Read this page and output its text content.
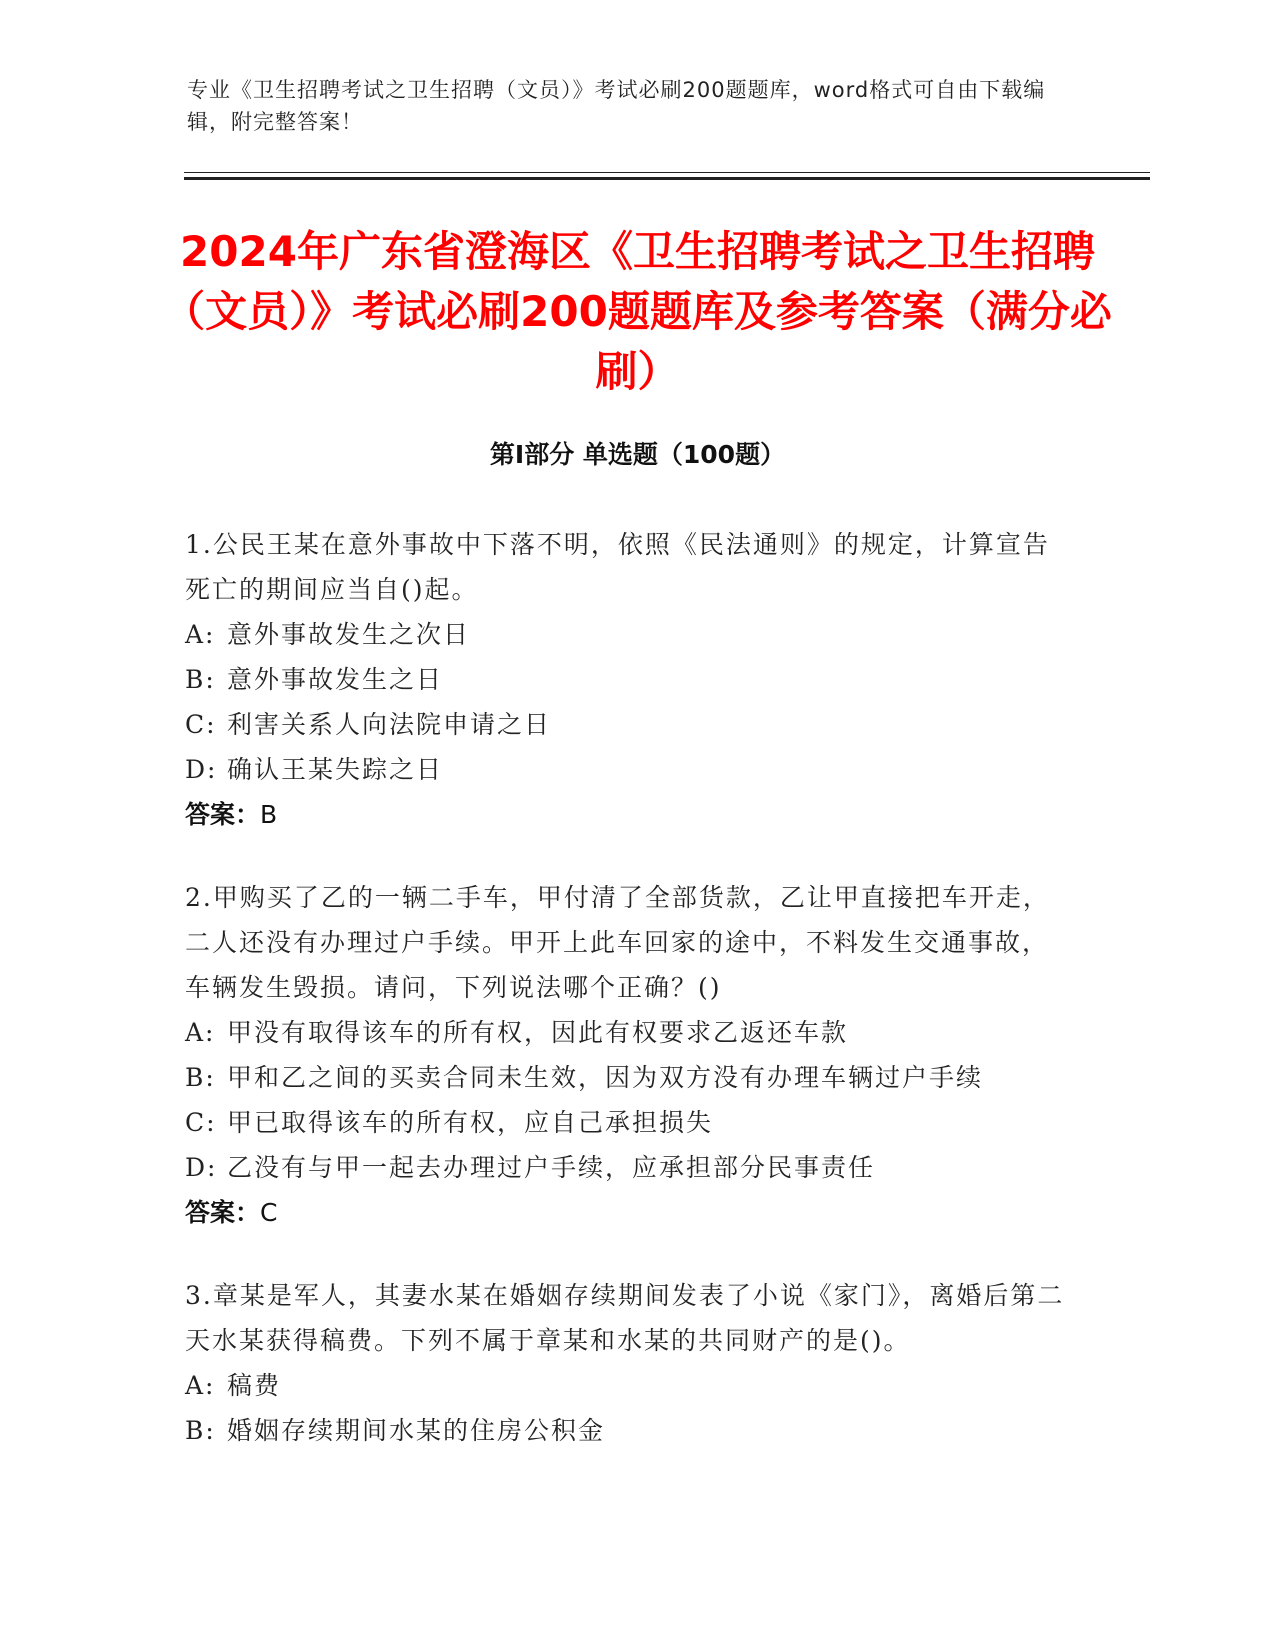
专业《卫生招聘考试之卫生招聘（文员）》考试必刷200题题库，word格式可自由下载编辑，附完整答案！
2024年广东省澄海区《卫生招聘考试之卫生招聘（文员）》考试必刷200题题库及参考答案（满分必刷）
第Ⅰ部分 单选题（100题）
1.公民王某在意外事故中下落不明，依照《民法通则》的规定，计算宣告死亡的期间应当自()起。
A: 意外事故发生之次日
B: 意外事故发生之日
C: 利害关系人向法院申请之日
D: 确认王某失踪之日
答案：B
2.甲购买了乙的一辆二手车，甲付清了全部货款，乙让甲直接把车开走，二人还没有办理过户手续。甲开上此车回家的途中，不料发生交通事故，车辆发生毁损。请问，下列说法哪个正确？()
A: 甲没有取得该车的所有权，因此有权要求乙返还车款
B: 甲和乙之间的买卖合同未生效，因为双方没有办理车辆过户手续
C: 甲已取得该车的所有权，应自己承担损失
D: 乙没有与甲一起去办理过户手续，应承担部分民事责任
答案：C
3.章某是军人，其妻水某在婚姻存续期间发表了小说《家门》，离婚后第二天水某获得稿费。下列不属于章某和水某的共同财产的是()。
A: 稿费
B: 婚姻存续期间水某的住房公积金
